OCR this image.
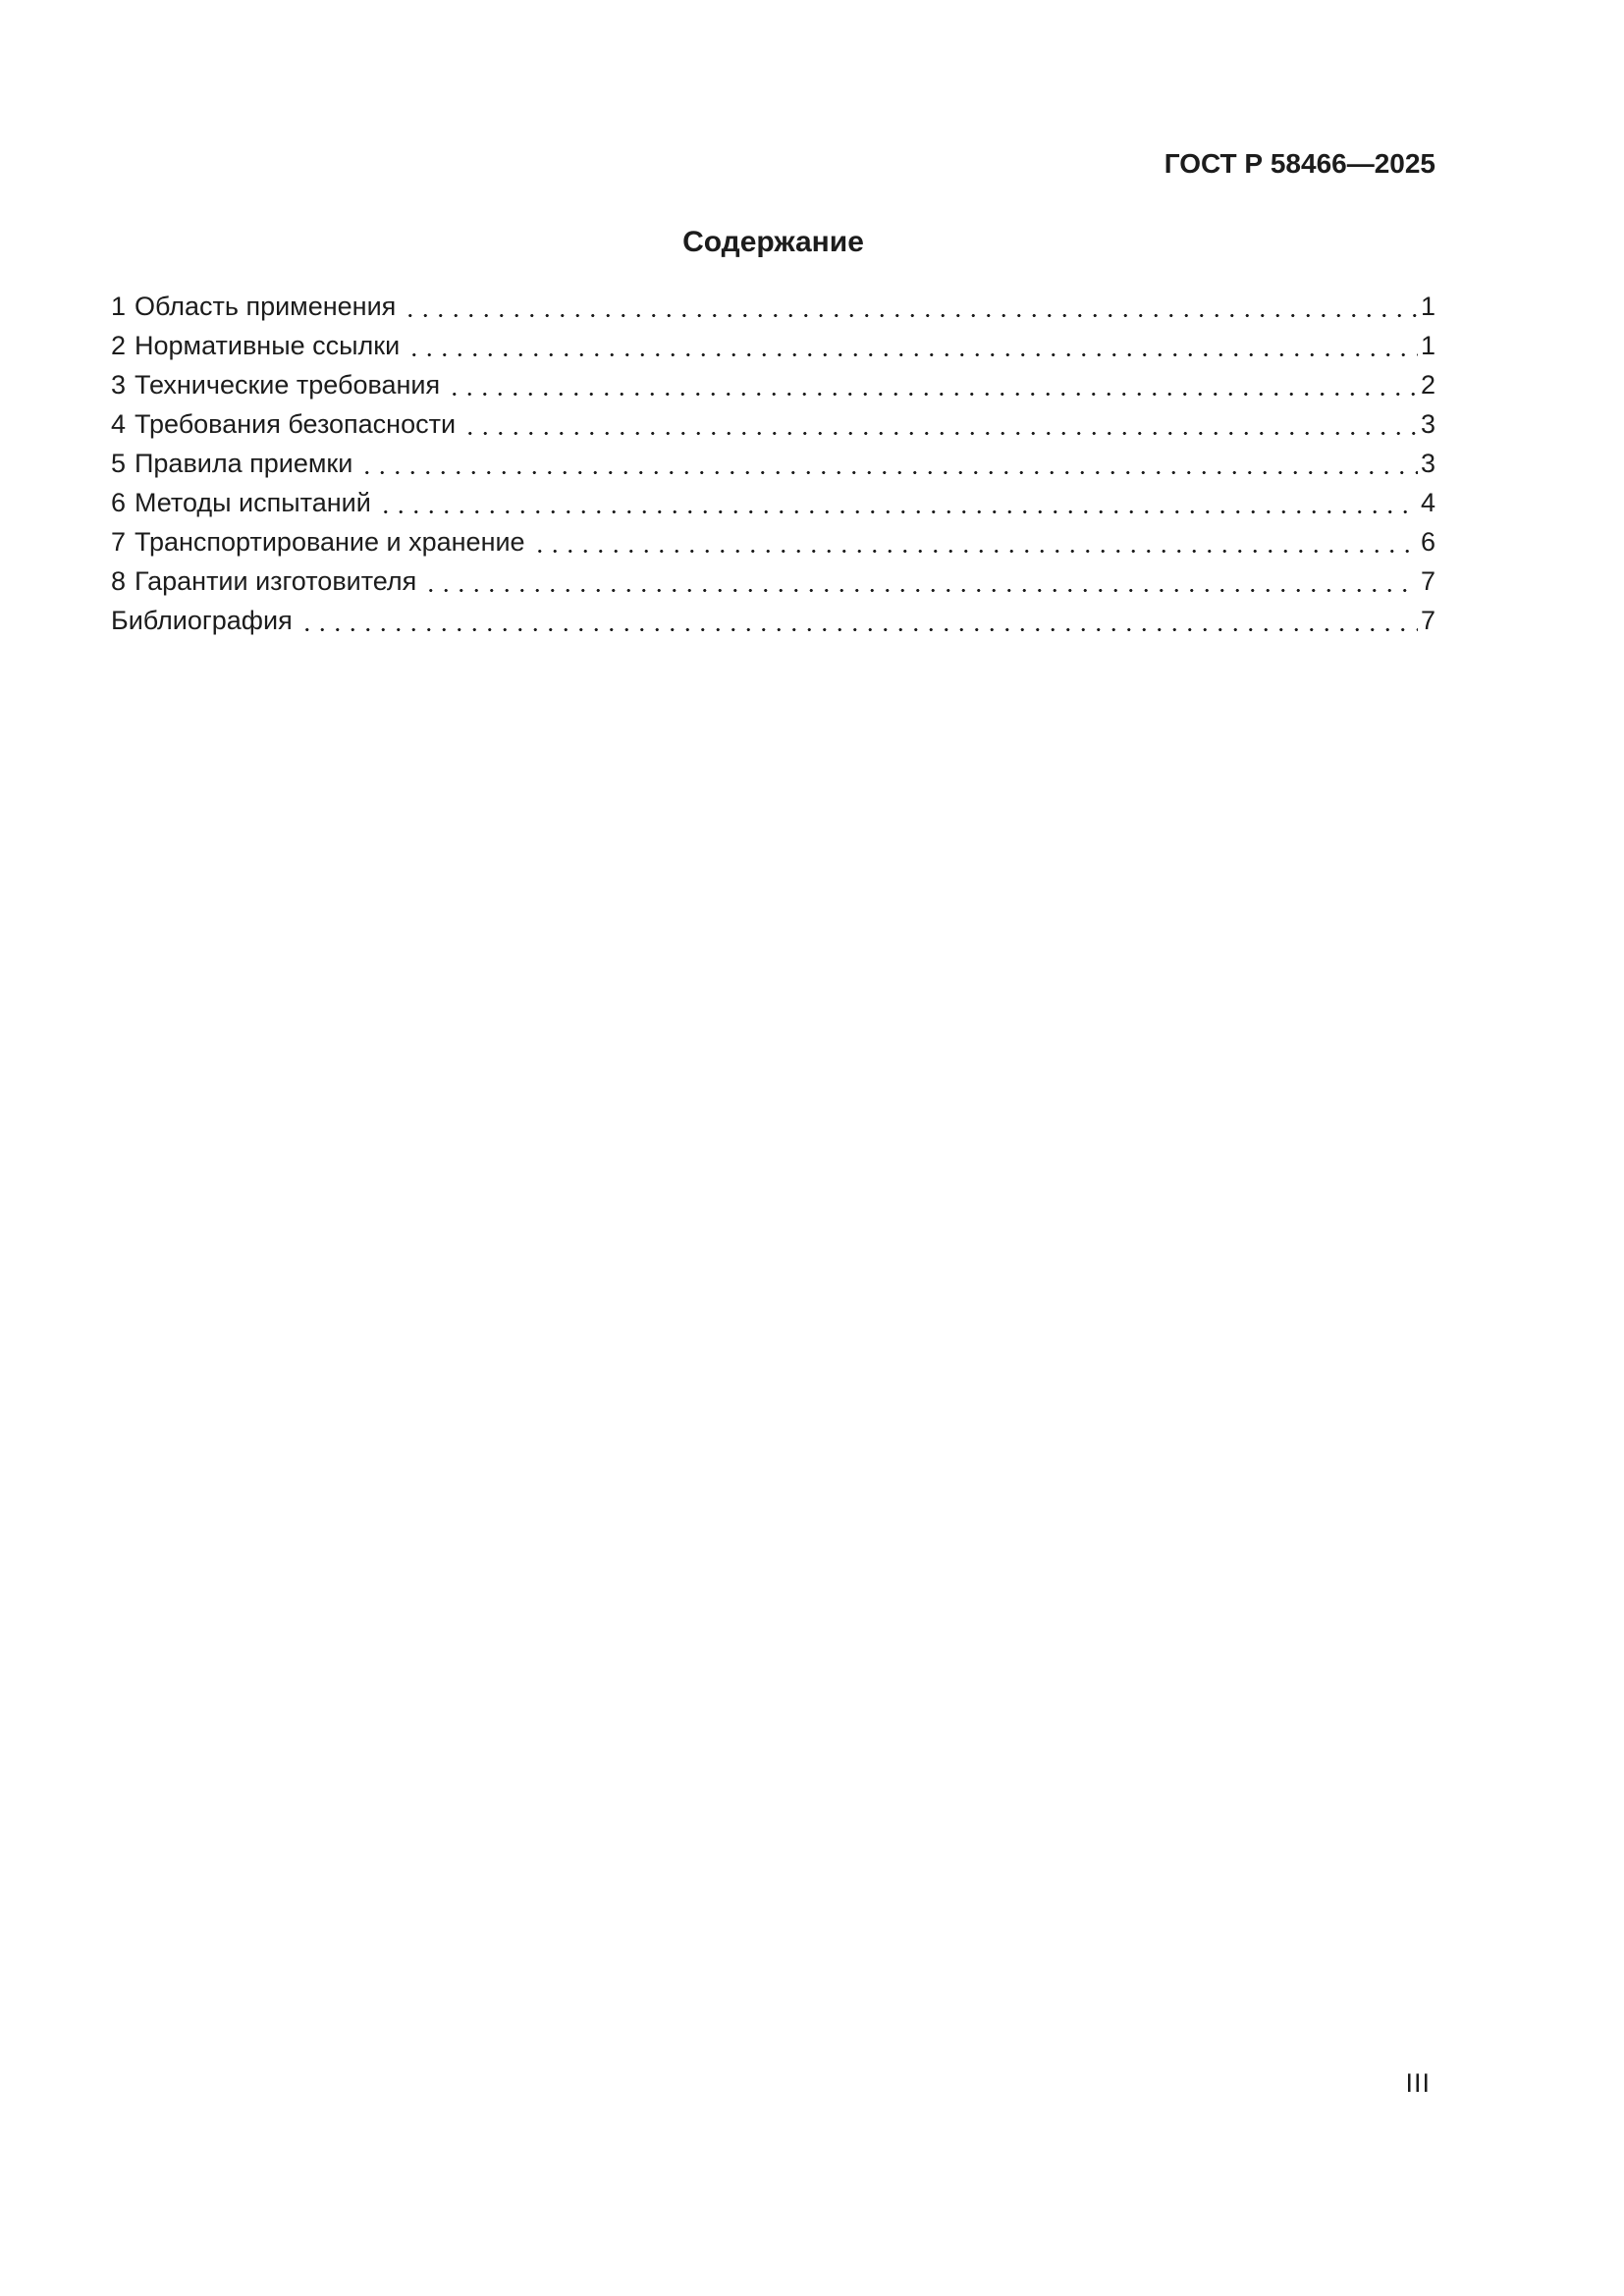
ГОСТ Р 58466—2025
Содержание
1 Область применения	1
2 Нормативные ссылки	1
3 Технические требования	2
4 Требования безопасности	3
5 Правила приемки	3
6 Методы испытаний	4
7 Транспортирование и хранение	6
8 Гарантии изготовителя	7
Библиография	7
III
